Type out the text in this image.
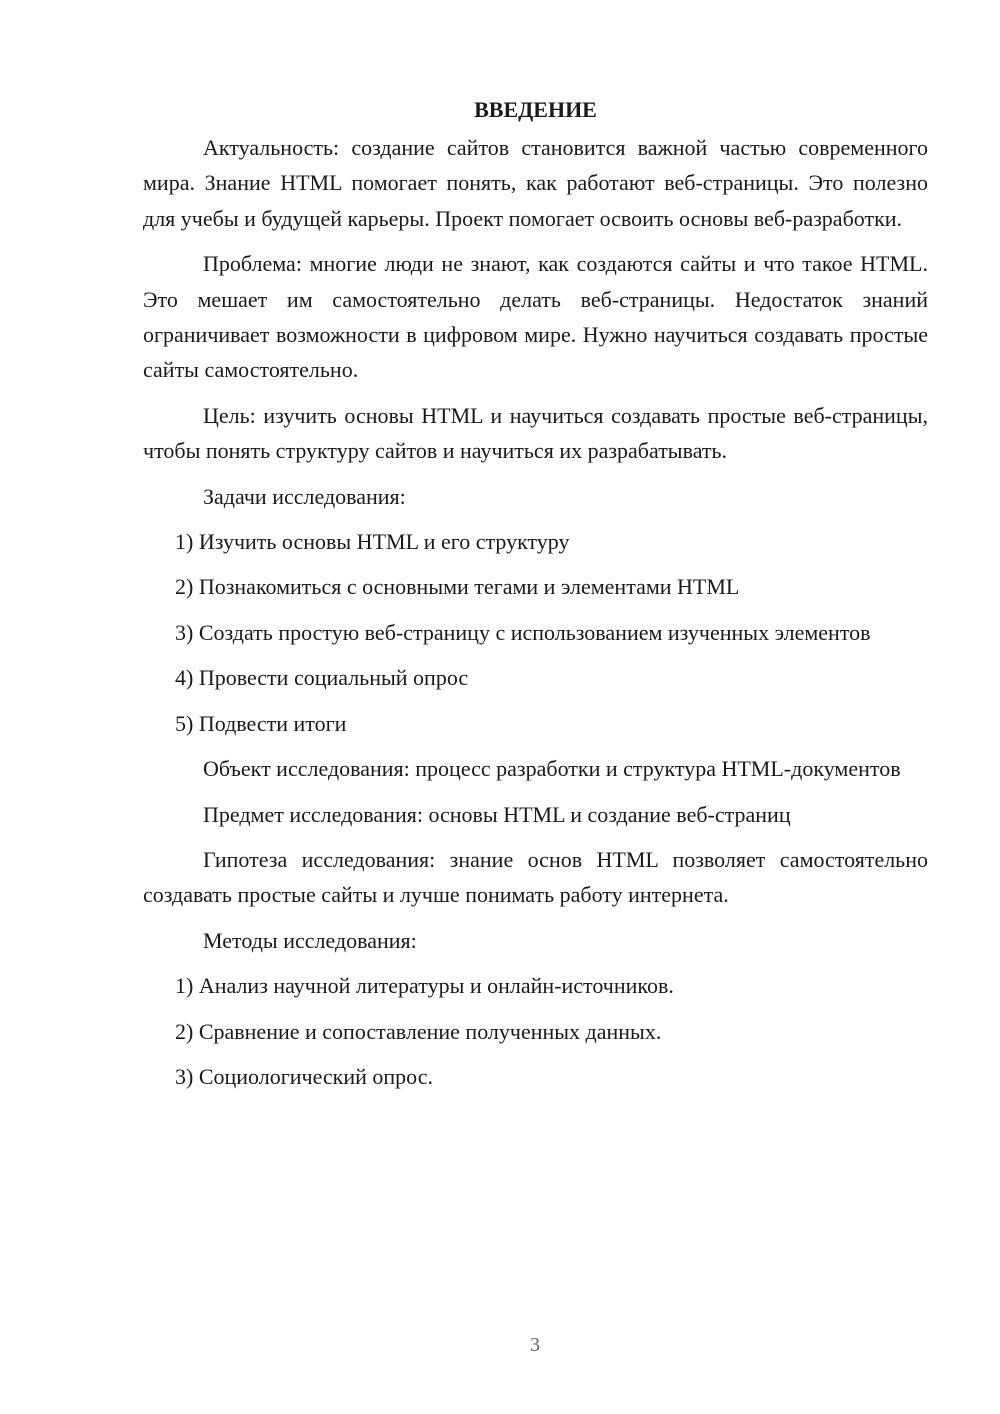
ВВЕДЕНИЕ

Актуальность: создание сайтов становится важной частью современного мира. Знание HTML помогает понять, как работают веб-страницы. Это полезно для учебы и будущей карьеры. Проект помогает освоить основы веб-разработки.

Проблема: многие люди не знают, как создаются сайты и что такое HTML. Это мешает им самостоятельно делать веб-страницы. Недостаток знаний ограничивает возможности в цифровом мире. Нужно научиться создавать простые сайты самостоятельно.

Цель: изучить основы HTML и научиться создавать простые веб-страницы, чтобы понять структуру сайтов и научиться их разрабатывать.

Задачи исследования:

1) Изучить основы HTML и его структуру

2) Познакомиться с основными тегами и элементами HTML

3) Создать простую веб-страницу с использованием изученных элементов

4) Провести социальный опрос

5) Подвести итоги

Объект исследования: процесс разработки и структура HTML-документов

Предмет исследования: основы HTML и создание веб-страниц

Гипотеза исследования: знание основ HTML позволяет самостоятельно создавать простые сайты и лучше понимать работу интернета.

Методы исследования:

1) Анализ научной литературы и онлайн-источников.

2) Сравнение и сопоставление полученных данных.

3) Социологический опрос.

3
